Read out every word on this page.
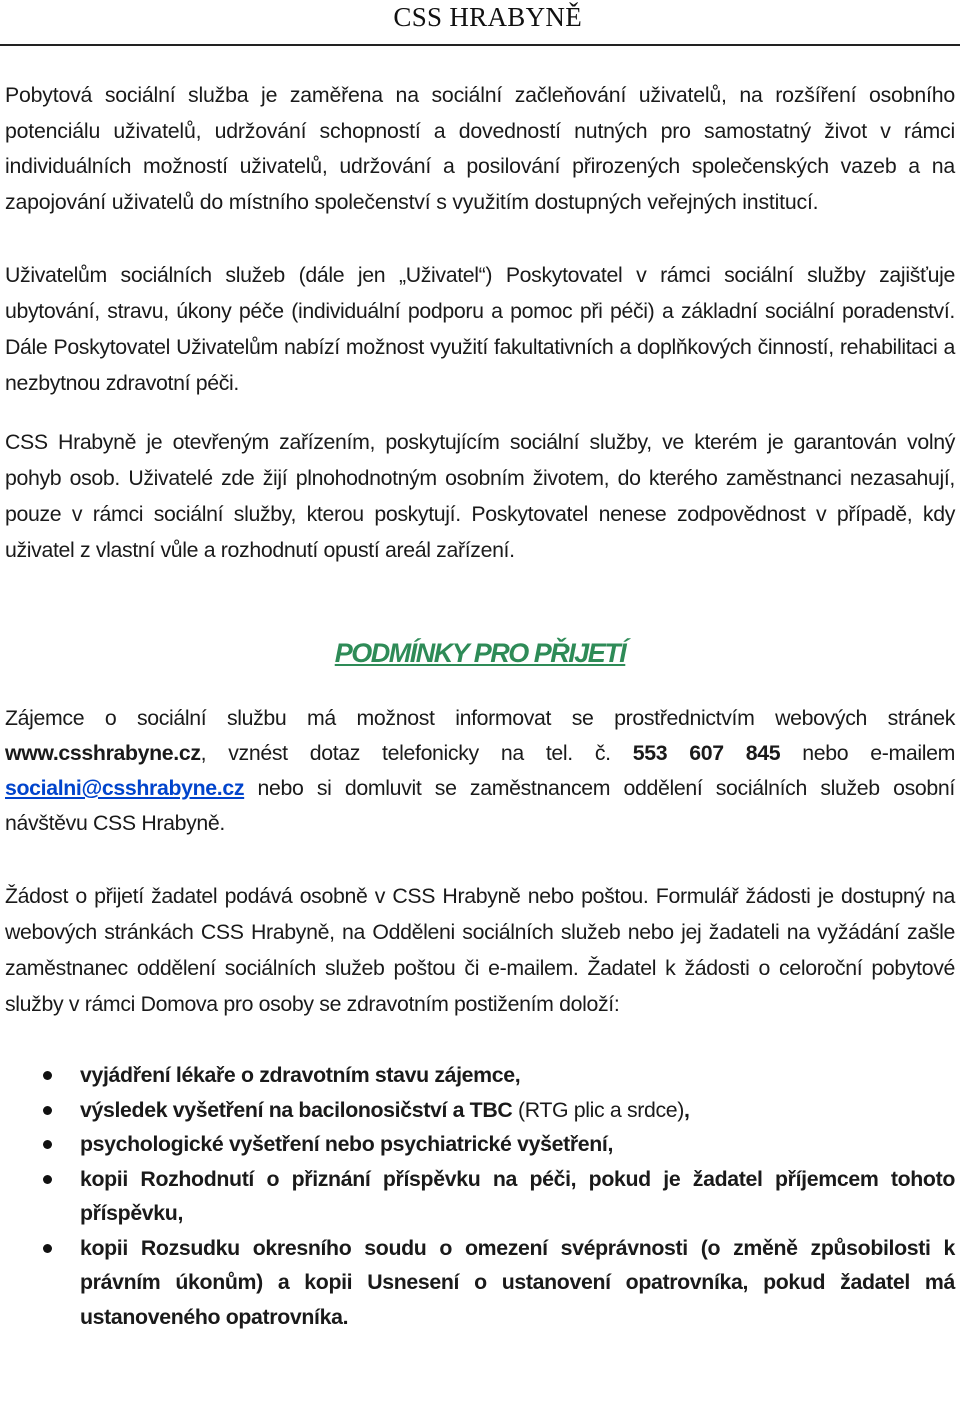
CSS HRABYNĚ

Pobytová sociální služba je zaměřena na sociální začleňování uživatelů, na rozšíření osobního potenciálu uživatelů, udržování schopností a dovedností nutných pro samostatný život v rámci individuálních možností uživatelů, udržování a posilování přirozených společenských vazeb a na zapojování uživatelů do místního společenství s využitím dostupných veřejných institucí.

Uživatelům sociálních služeb (dále jen „Uživatel“) Poskytovatel v rámci sociální služby zajišťuje ubytování, stravu, úkony péče (individuální podporu a pomoc při péči) a základní sociální poradenství. Dále Poskytovatel Uživatelům nabízí možnost využití fakultativních a doplňkových činností, rehabilitaci a nezbytnou zdravotní péči.

CSS Hrabyně je otevřeným zařízením, poskytujícím sociální služby, ve kterém je garantován volný pohyb osob. Uživatelé zde žijí plnohodnotným osobním životem, do kterého zaměstnanci nezasahují, pouze v rámci sociální služby, kterou poskytují. Poskytovatel nenese zodpovědnost v případě, kdy uživatel z vlastní vůle a rozhodnutí opustí areál zařízení.

PODMÍNKY PRO PŘIJETÍ

Zájemce o sociální službu má možnost informovat se prostřednictvím webových stránek www.csshrabyne.cz, vznést dotaz telefonicky na tel. č. 553 607 845 nebo e-mailem socialni@csshrabyne.cz nebo si domluvit se zaměstnancem oddělení sociálních služeb osobní návštěvu CSS Hrabyně.

Žádost o přijetí žadatel podává osobně v CSS Hrabyně nebo poštou. Formulář žádosti je dostupný na webových stránkách CSS Hrabyně, na Odděleni sociálních služeb nebo jej žadateli na vyžádání zašle zaměstnanec oddělení sociálních služeb poštou či e-mailem. Žadatel k žádosti o celoroční pobytové služby v rámci Domova pro osoby se zdravotním postižením doloží:

vyjádření lékaře o zdravotním stavu zájemce,
výsledek vyšetření na bacilonosičství a TBC (RTG plic a srdce),
psychologické vyšetření nebo psychiatrické vyšetření,
kopii Rozhodnutí o přiznání příspěvku na péči, pokud je žadatel příjemcem tohoto příspěvku,
kopii Rozsudku okresního soudu o omezení svéprávnosti (o změně způsobilosti k právním úkonům) a kopii Usnesení o ustanovení opatrovníka, pokud žadatel má ustanoveného opatrovníka.
